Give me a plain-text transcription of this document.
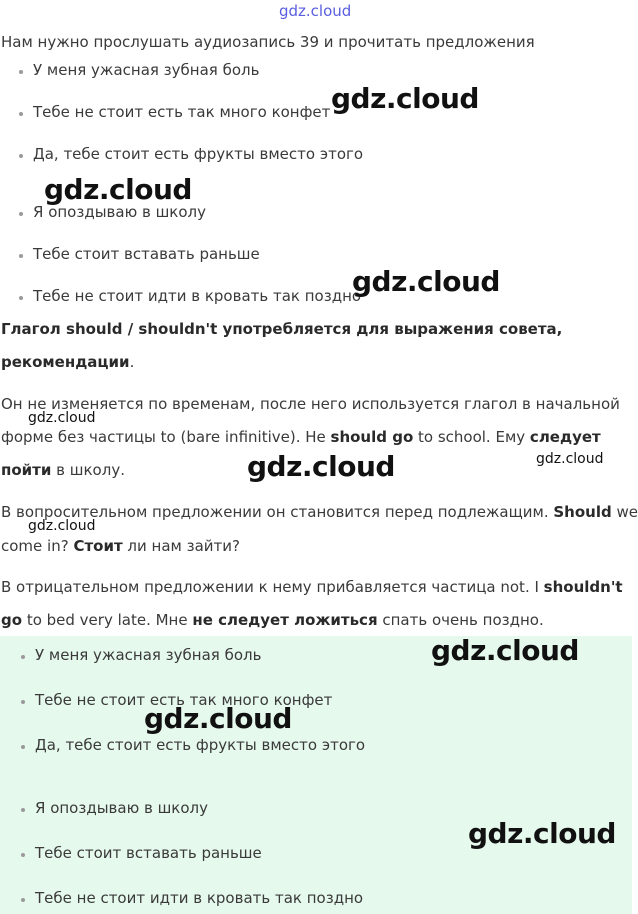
gdz.cloud
Нам нужно прослушать аудиозапись 39 и прочитать предложения
У меня ужасная зубная боль
Тебе не стоит есть так много конфет
Да, тебе стоит есть фрукты вместо этого
Я опоздываю в школу
Тебе стоит вставать раньше
Тебе не стоит идти в кровать так поздно
Глагол should / shouldn't употребляется для выражения совета,
рекомендации.
Он не изменяется по временам, после него используется глагол в начальной
форме без частицы to (bare infinitive). Не should go to school. Ему следует
пойти в школу.
В вопросительном предложении он становится перед подлежащим. Should we
come in? Стоит ли нам зайти?
В отрицательном предложении к нему прибавляется частица not. I shouldn't
go to bed very late. Мне не следует ложиться спать очень поздно.
У меня ужасная зубная боль
Тебе не стоит есть так много конфет
Да, тебе стоит есть фрукты вместо этого
Я опоздываю в школу
Тебе стоит вставать раньше
Тебе не стоит идти в кровать так поздно
gdz.cloud
gdz.cloud
gdz.cloud
gdz.cloud
gdz.cloud	gdz.cloud
gdz.cloud
gdz.cloud
gdz.cloud
gdz.cloud
